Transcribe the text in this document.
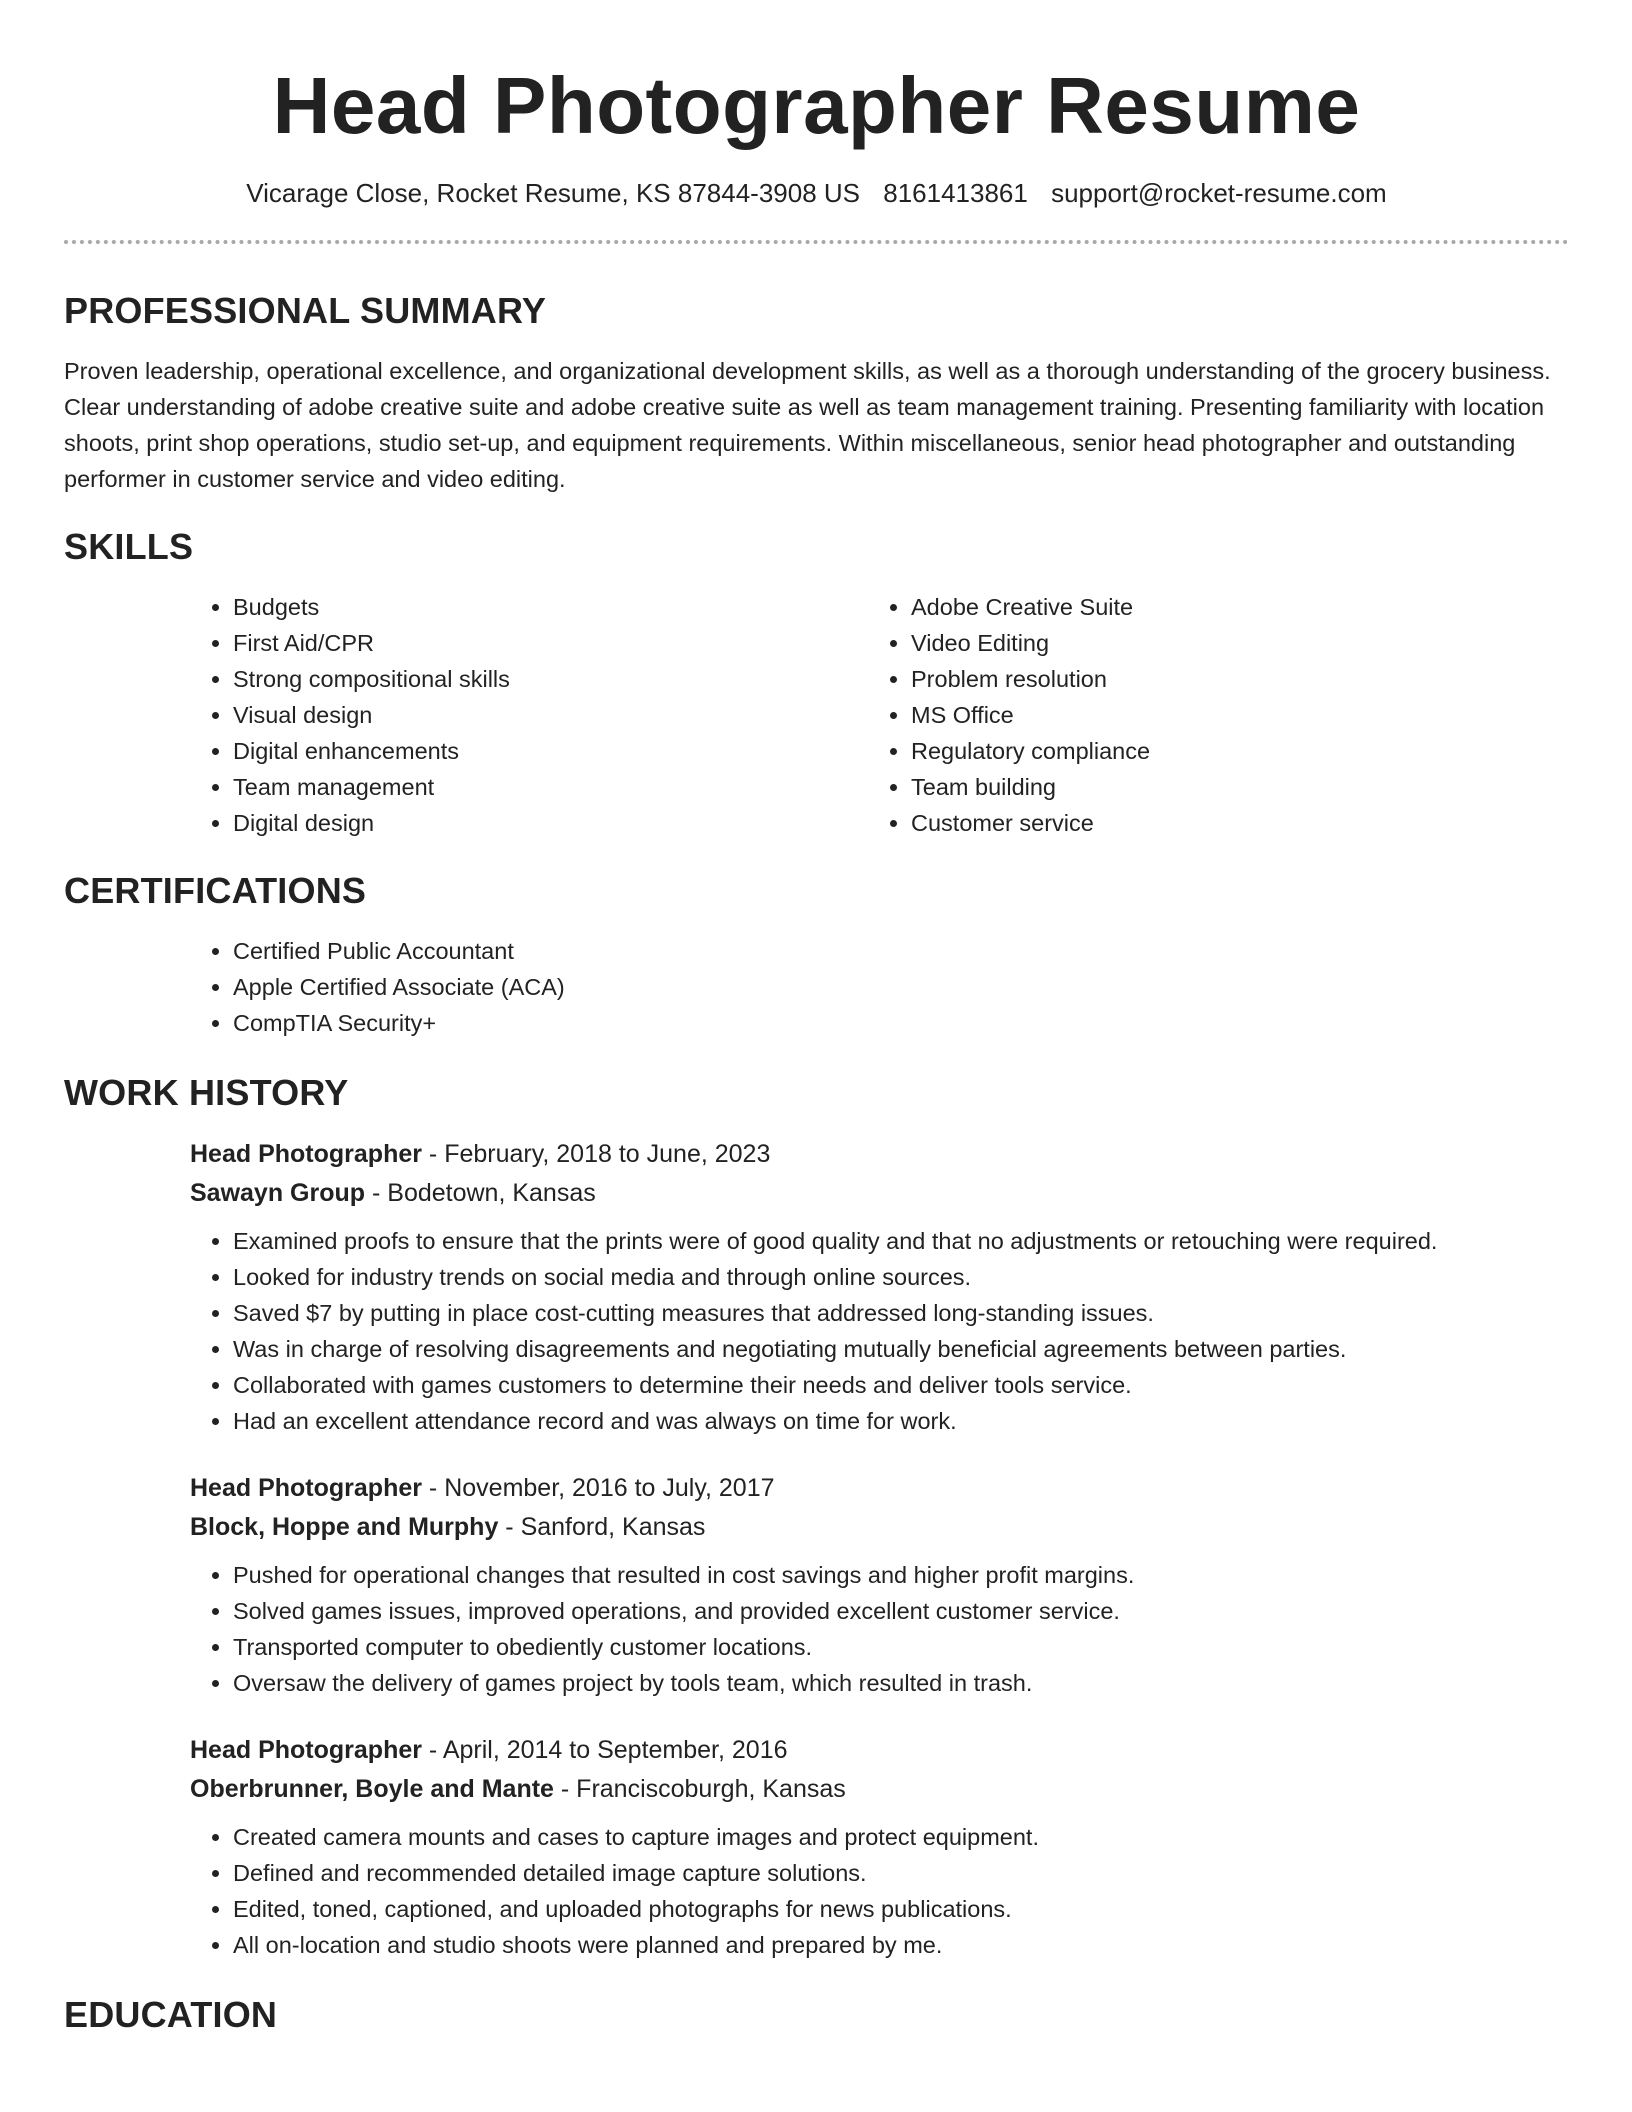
Head Photographer Resume
Vicarage Close, Rocket Resume, KS 87844-3908 US 8161413861 support@rocket-resume.com
PROFESSIONAL SUMMARY

Proven leadership, operational excellence, and organizational development skills, as well as a thorough understanding of the grocery business. Clear understanding of adobe creative suite and adobe creative suite as well as team management training. Presenting familiarity with location shoots, print shop operations, studio set-up, and equipment requirements. Within miscellaneous, senior head photographer and outstanding performer in customer service and video editing.

SKILLS
• Budgets
• First Aid/CPR
• Strong compositional skills
• Visual design
• Digital enhancements
• Team management
• Digital design
• Adobe Creative Suite
• Video Editing
• Problem resolution
• MS Office
• Regulatory compliance
• Team building
• Customer service
CERTIFICATIONS
• Certified Public Accountant
• Apple Certified Associate (ACA)
• CompTIA Security+
WORK HISTORY
Head Photographer - February, 2018 to June, 2023
Sawayn Group - Bodetown, Kansas
• Examined proofs to ensure that the prints were of good quality and that no adjustments or retouching were required.
• Looked for industry trends on social media and through online sources.
• Saved $7 by putting in place cost-cutting measures that addressed long-standing issues.
• Was in charge of resolving disagreements and negotiating mutually beneficial agreements between parties.
• Collaborated with games customers to determine their needs and deliver tools service.
• Had an excellent attendance record and was always on time for work.
Head Photographer - November, 2016 to July, 2017
Block, Hoppe and Murphy - Sanford, Kansas
• Pushed for operational changes that resulted in cost savings and higher profit margins.
• Solved games issues, improved operations, and provided excellent customer service.
• Transported computer to obediently customer locations.
• Oversaw the delivery of games project by tools team, which resulted in trash.
Head Photographer - April, 2014 to September, 2016
Oberbrunner, Boyle and Mante - Franciscoburgh, Kansas
• Created camera mounts and cases to capture images and protect equipment.
• Defined and recommended detailed image capture solutions.
• Edited, toned, captioned, and uploaded photographs for news publications.
• All on-location and studio shoots were planned and prepared by me.
EDUCATION
